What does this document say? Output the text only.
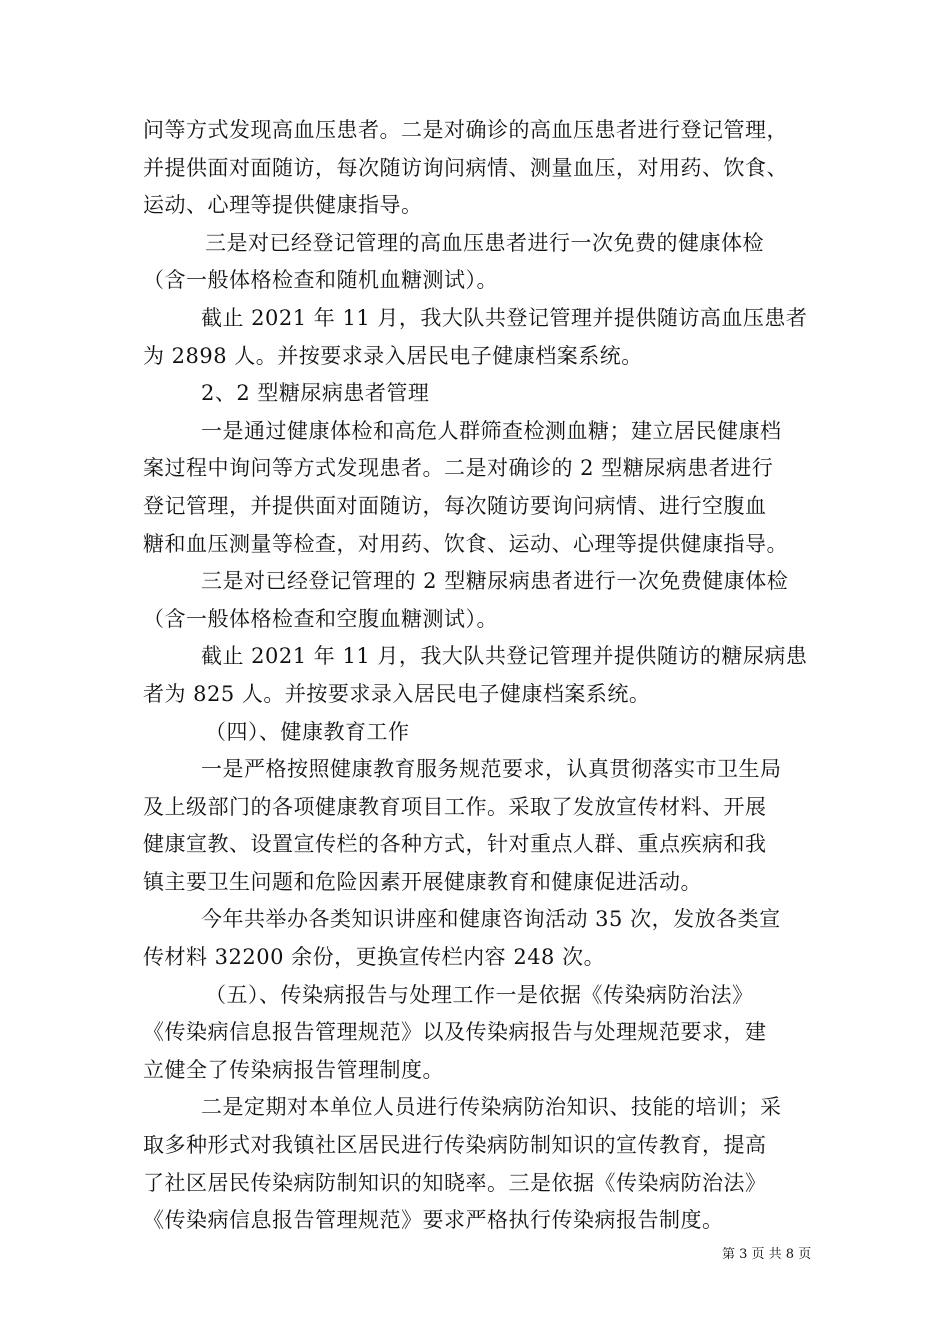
问等方式发现高血压患者。二是对确诊的高血压患者进行登记管理，
并提供面对面随访，每次随访询问病情、测量血压，对用药、饮食、
运动、心理等提供健康指导。
三是对已经登记管理的高血压患者进行一次免费的健康体检
（含一般体格检查和随机血糖测试）。
截止 2021 年 11 月，我大队共登记管理并提供随访高血压患者
为 2898 人。并按要求录入居民电子健康档案系统。
2、2 型糖尿病患者管理
一是通过健康体检和高危人群筛查检测血糖；建立居民健康档
案过程中询问等方式发现患者。二是对确诊的 2 型糖尿病患者进行
登记管理，并提供面对面随访，每次随访要询问病情、进行空腹血
糖和血压测量等检查，对用药、饮食、运动、心理等提供健康指导。
三是对已经登记管理的 2 型糖尿病患者进行一次免费健康体检
（含一般体格检查和空腹血糖测试）。
截止 2021 年 11 月，我大队共登记管理并提供随访的糖尿病患
者为 825 人。并按要求录入居民电子健康档案系统。
（四）、健康教育工作
一是严格按照健康教育服务规范要求，认真贯彻落实市卫生局
及上级部门的各项健康教育项目工作。采取了发放宣传材料、开展
健康宣教、设置宣传栏的各种方式，针对重点人群、重点疾病和我
镇主要卫生问题和危险因素开展健康教育和健康促进活动。
今年共举办各类知识讲座和健康咨询活动 35 次，发放各类宣
传材料 32200 余份，更换宣传栏内容 248 次。
（五）、传染病报告与处理工作一是依据《传染病防治法》
《传染病信息报告管理规范》以及传染病报告与处理规范要求，建
立健全了传染病报告管理制度。
二是定期对本单位人员进行传染病防治知识、技能的培训；采
取多种形式对我镇社区居民进行传染病防制知识的宣传教育，提高
了社区居民传染病防制知识的知晓率。三是依据《传染病防治法》
《传染病信息报告管理规范》要求严格执行传染病报告制度。
第 3 页 共 8 页
